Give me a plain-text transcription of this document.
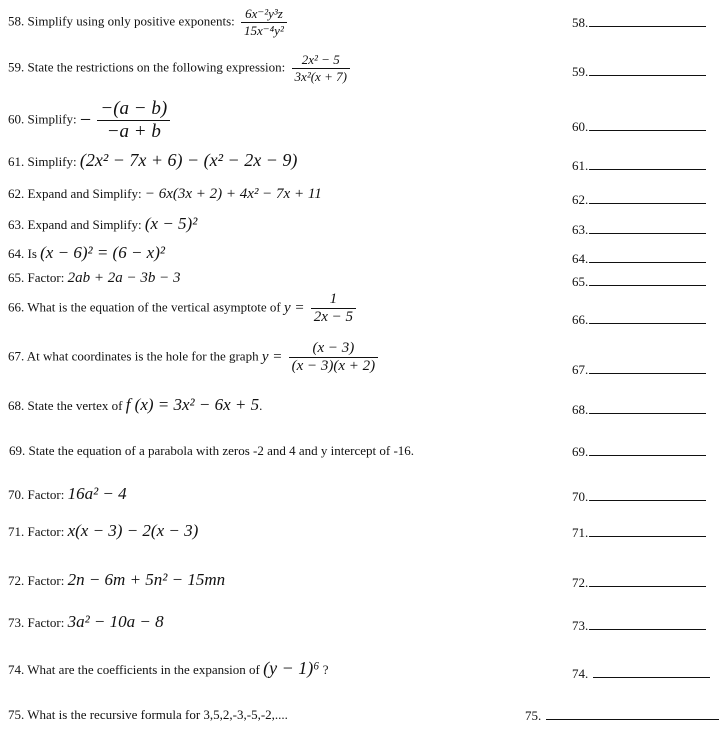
58. Simplify using only positive exponents: $\frac{\text{6x⁻²y³z}}{\text{15x⁻⁴y²}}$	58.
59. State the restrictions on the following expression: $\frac{\text{2x² − 5}}{\text{3x²(x + 7)}}$	59.
60. Simplify: − $\frac{-(a - b)}{-a + b}$	60.
61. Simplify: (2x² − 7x + 6) − (x² − 2x − 9)	61.
62. Expand and Simplify: − 6x(3x + 2) + 4x² − 7x + 11	62.
63. Expand and Simplify: (x − 5)²	63.
64. Is (x − 6)² = (6 − x)²	64.
65. Factor: 2ab + 2a − 3b − 3	65.
66. What is the equation of the vertical asymptote of $y = \frac{1}{2x - 5}$	66.
67. At what coordinates is the hole for the graph $y = \frac{(x - 3)}{(x - 3)(x + 2)}$	67.
68. State the vertex of f (x) = 3x² − 6x + 5.	68.
69. State the equation of a parabola with zeros -2 and 4 and y intercept of -16.	69.
70. Factor: 16a² − 4	70.
71. Factor: x(x − 3) − 2(x − 3)	71.
72. Factor: 2n − 6m + 5n² − 15mn	72.
73. Factor: 3a² − 10a − 8	73.
74. What are the coefficients in the expansion of (y − 1)⁶ ?	74.
75. What is the recursive formula for 3,5,2,-3,-5,-2,....	75.
